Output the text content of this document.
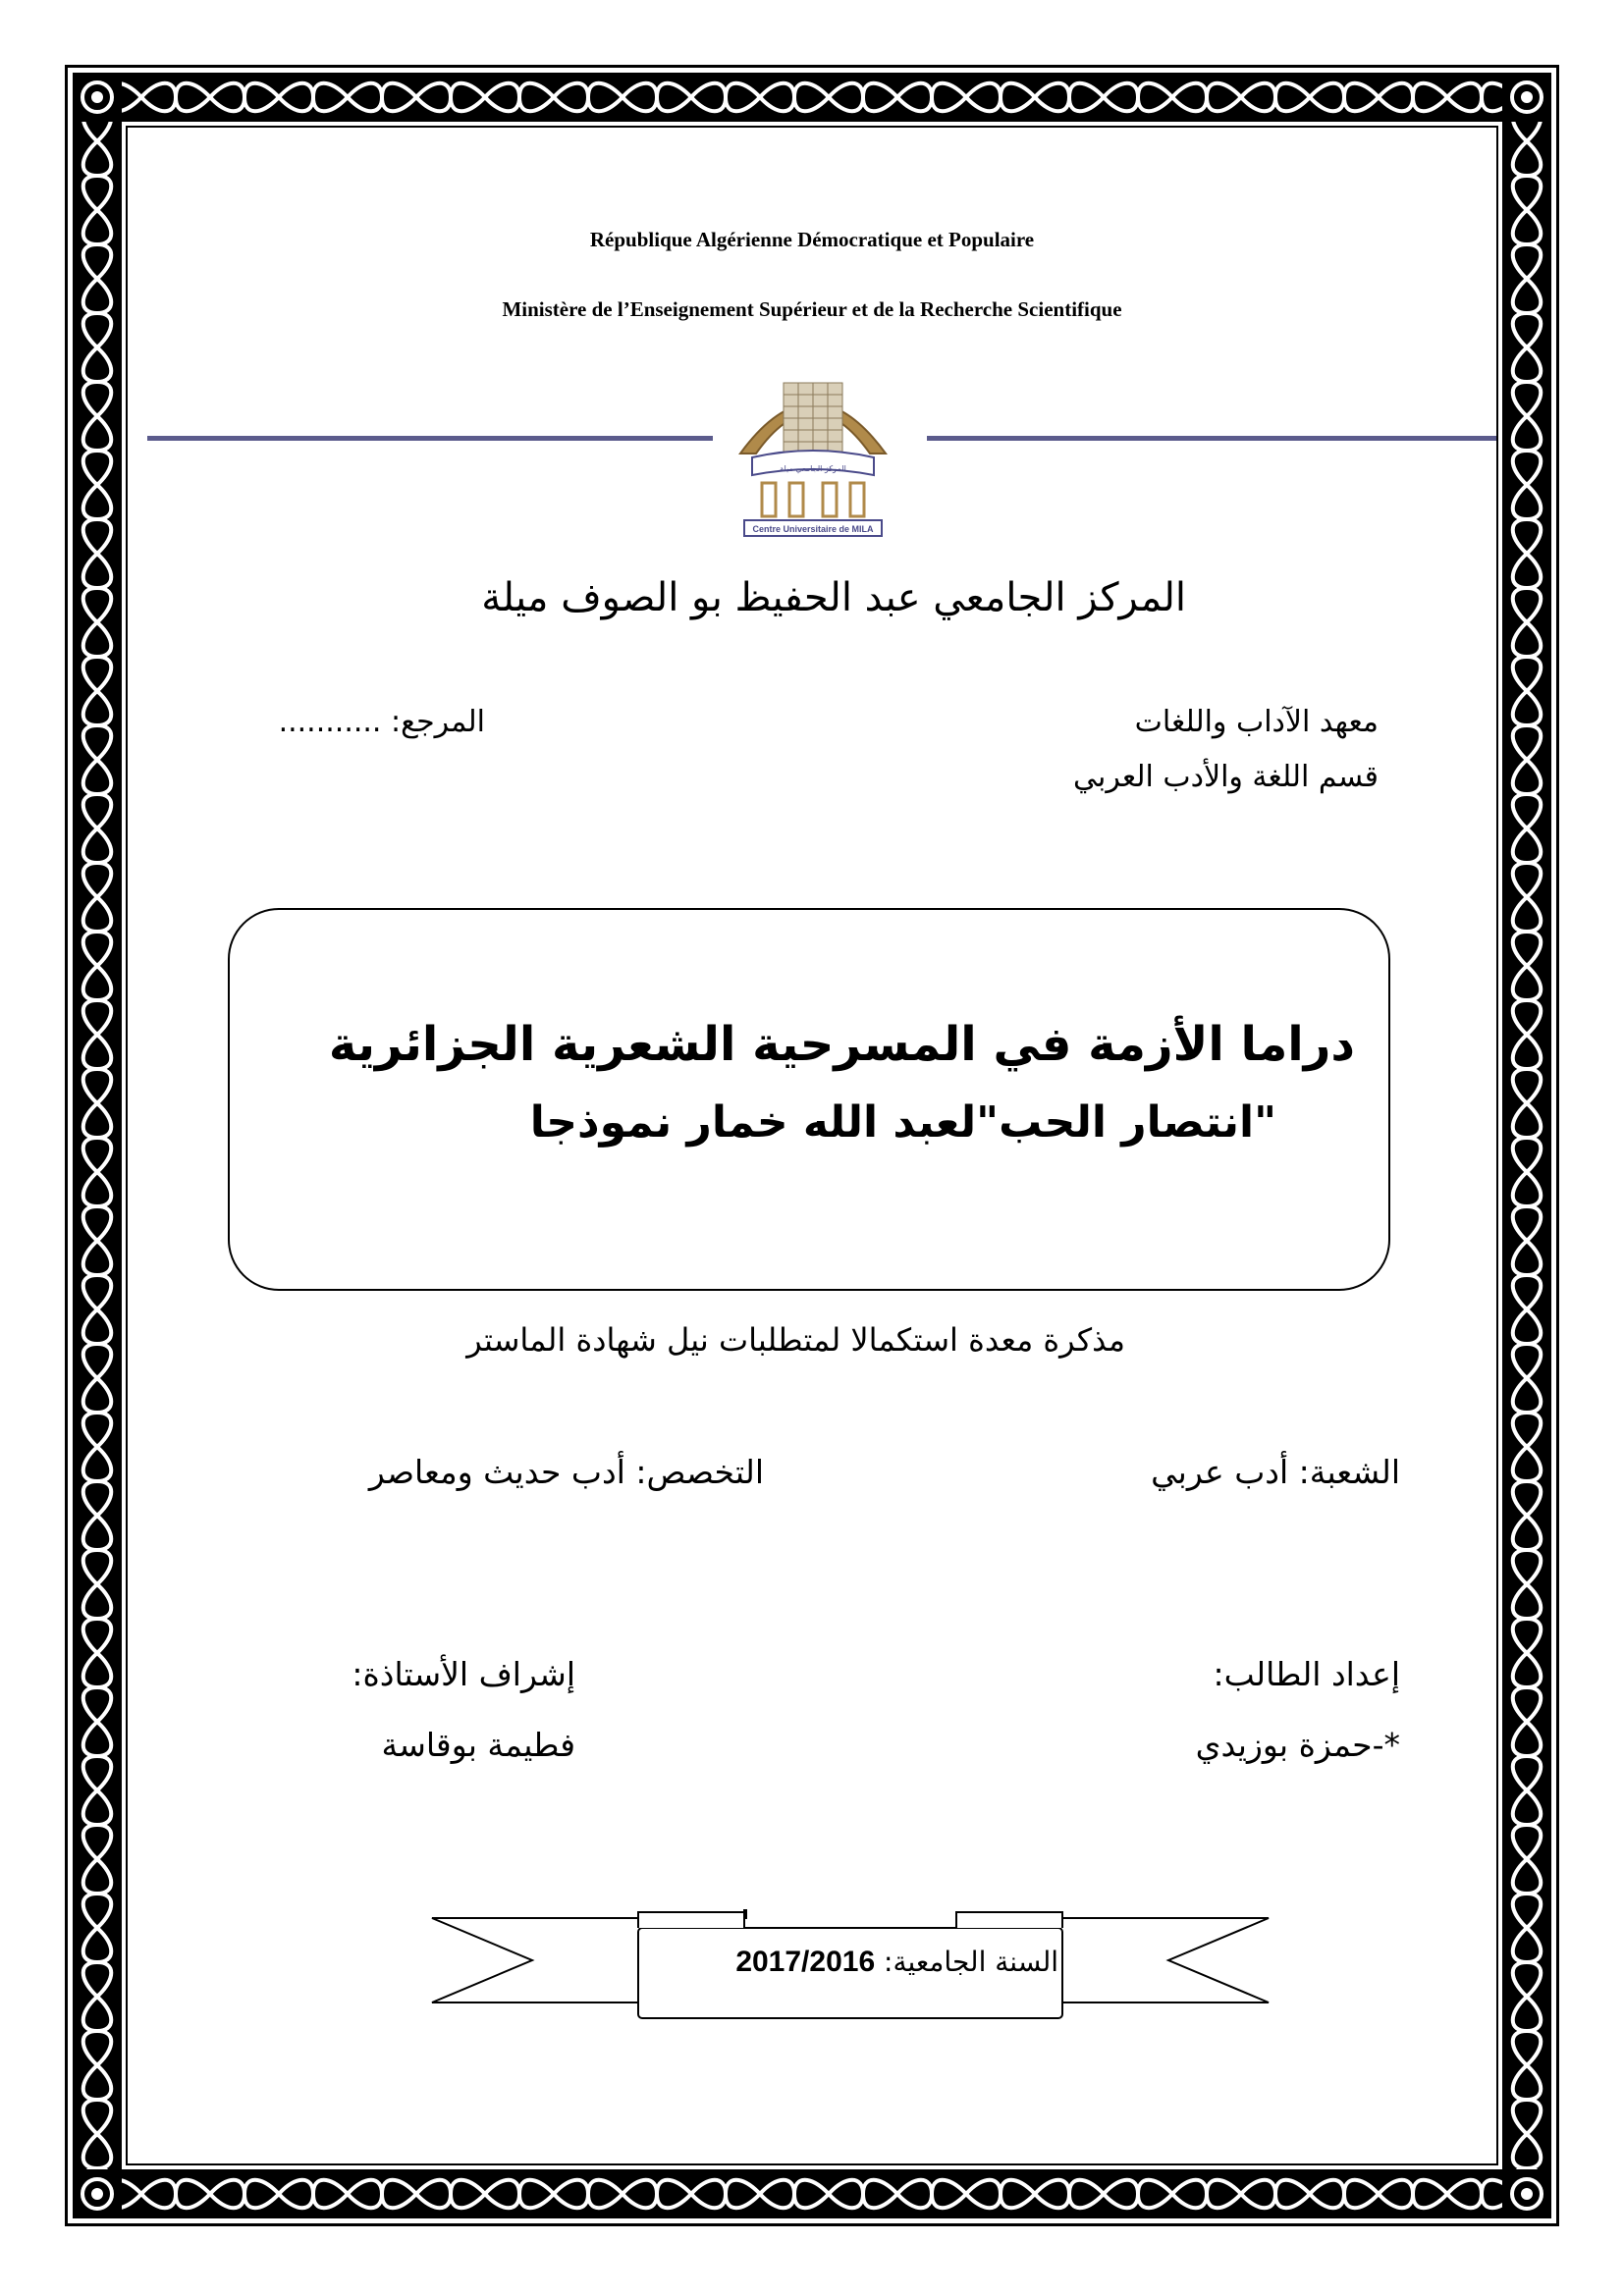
République Algérienne Démocratique et Populaire
Ministère de l’Enseignement Supérieur et de la Recherche Scientifique
المركز الجامعي ميلة
Centre Universitaire de MILA
المركز الجامعي عبد الحفيظ بو الصوف ميلة
معهد الآداب واللغات
قسم اللغة والأدب العربي
المرجع: ...........
دراما الأزمة في المسرحية الشعرية الجزائرية
"انتصار الحب"لعبد الله خمار نموذجا
مذكرة معدة استكمالا لمتطلبات نيل شهادة الماستر
الشعبة: أدب عربي
التخصص: أدب حديث ومعاصر
إعداد الطالب:
*-حمزة بوزيدي
إشراف الأستاذة:
فطيمة بوقاسة
السنة الجامعية: 2017/2016
